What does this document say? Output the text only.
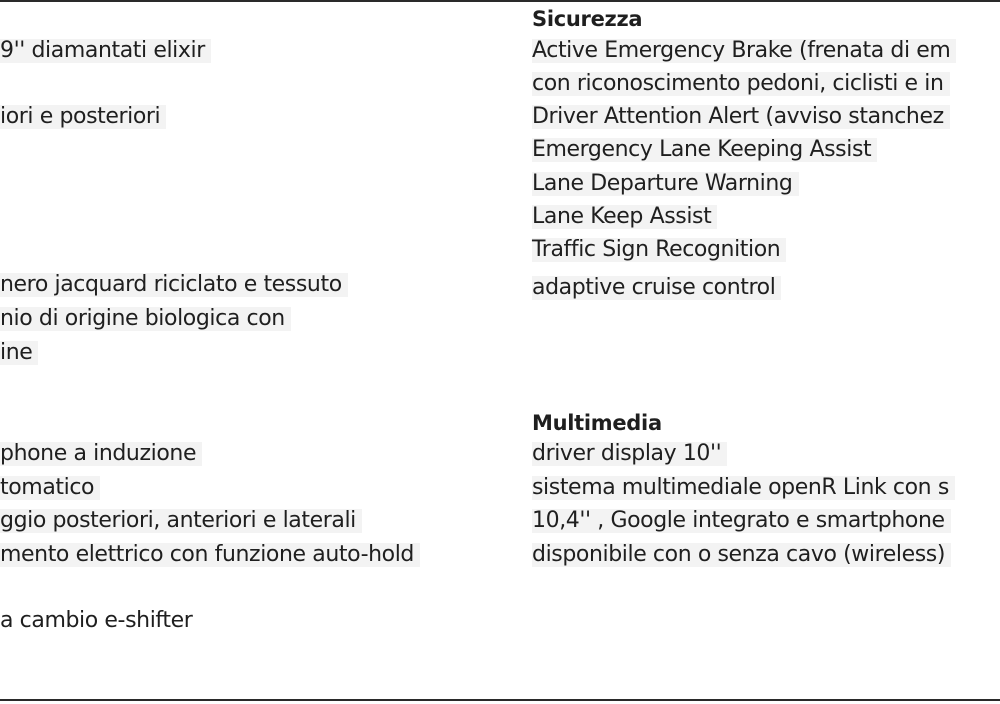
9'' diamantati elixir
iori e posteriori
nero jacquard riciclato e tessuto
nio di origine biologica con
ine
phone a induzione
tomatico
ggio posteriori, anteriori e laterali
mento elettrico con funzione auto-hold
a cambio e-shifter
Sicurezza
Active Emergency Brake (frenata di em
con riconoscimento pedoni, ciclisti e in
Driver Attention Alert (avviso stanchez
Emergency Lane Keeping Assist
Lane Departure Warning
Lane Keep Assist
Traffic Sign Recognition
adaptive cruise control
Multimedia
driver display 10''
sistema multimediale openR Link con s
10,4'' , Google integrato e smartphone
disponibile con o senza cavo (wireless)
